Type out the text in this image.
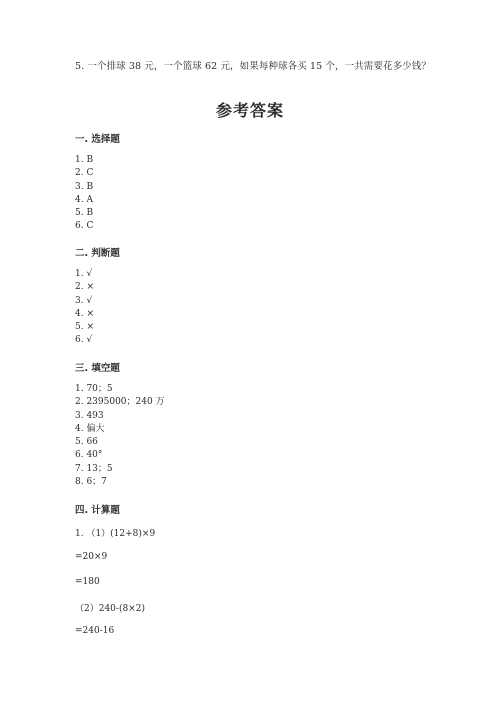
5. 一个排球 38 元，一个篮球 62 元，如果每种球各买 15 个，一共需要花多少钱？
参考答案
一. 选择题
1. B
2. C
3. B
4. A
5. B
6. C
二. 判断题
1. √
2. ×
3. √
4. ×
5. ×
6. √
三. 填空题
1. 70；5
2. 2395000；240 万
3. 493
4. 偏大
5. 66
6. 40°
7. 13；5
8. 6；7
四. 计算题
1. （1）(12+8)×9
=20×9
=180
（2）240-(8×2)
=240-16
